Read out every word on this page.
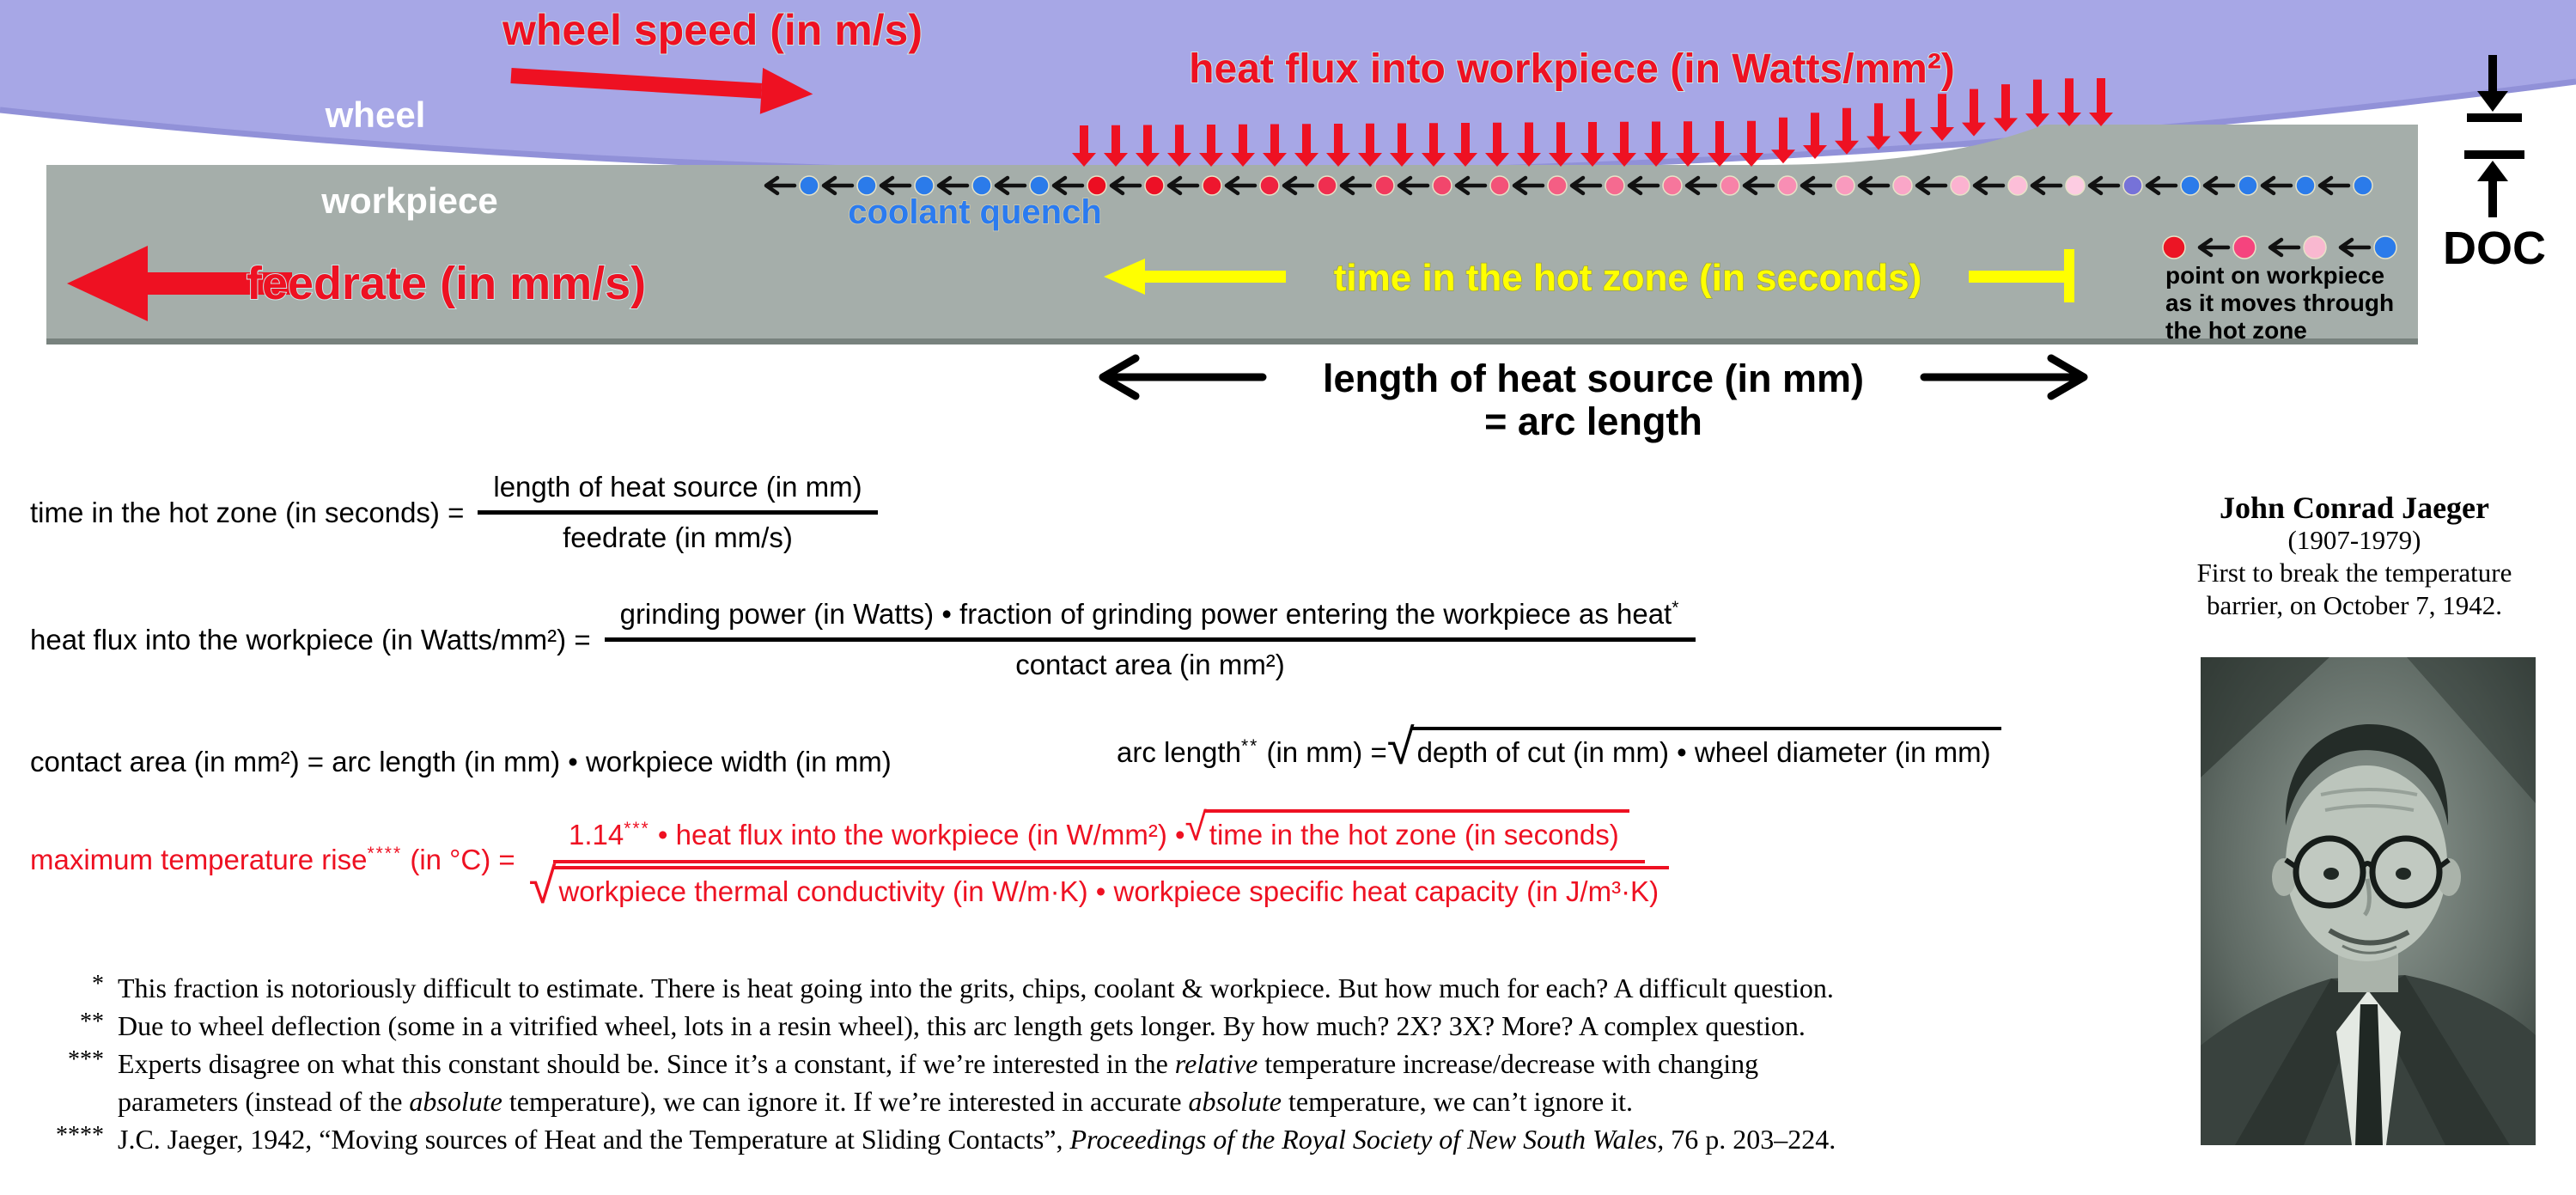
wheel speed (in m/s)
heat flux into workpiece (in Watts/mm²)
wheel
workpiece	coolant quench
feedrate (in mm/s)	time in the hot zone (in seconds)
length of heat source (in mm)
= arc length
point on workpiece
as it moves through
the hot zone
DOC
time in the hot zone (in seconds) = $\frac{\text{length of heat source (in mm)}}{\text{feedrate (in mm/s)}}$
heat flux into the workpiece (in Watts/mm²) =
grinding power (in Watts) • fraction of grinding power entering the workpiece as heat*
contact area (in mm²)
contact area (in mm²) = arc length (in mm) • workpiece width (in mm)	arc length** (in mm) = √ depth of cut (in mm) • wheel diameter (in mm)
maximum temperature rise**** (in °C) =
1.14*** • heat flux into the workpiece (in W/mm²) • √ time in the hot zone (in seconds)
√ workpiece thermal conductivity (in W/m·K) • workpiece specific heat capacity (in J/m³·K)
* This fraction is notoriously difficult to estimate. There is heat going into the grits, chips, coolant & workpiece. But how much for each? A difficult question.
** Due to wheel deflection (some in a vitrified wheel, lots in a resin wheel), this arc length gets longer. By how much? 2X? 3X? More? A complex question.
*** Experts disagree on what this constant should be. Since it’s a constant, if we’re interested in the relative temperature increase/decrease with changing
parameters (instead of the absolute temperature), we can ignore it. If we’re interested in accurate absolute temperature, we can’t ignore it.
**** J.C. Jaeger, 1942, “Moving sources of Heat and the Temperature at Sliding Contacts”, Proceedings of the Royal Society of New South Wales, 76 p. 203–224.
John Conrad Jaeger
(1907-1979)
First to break the temperature
barrier, on October 7, 1942.
